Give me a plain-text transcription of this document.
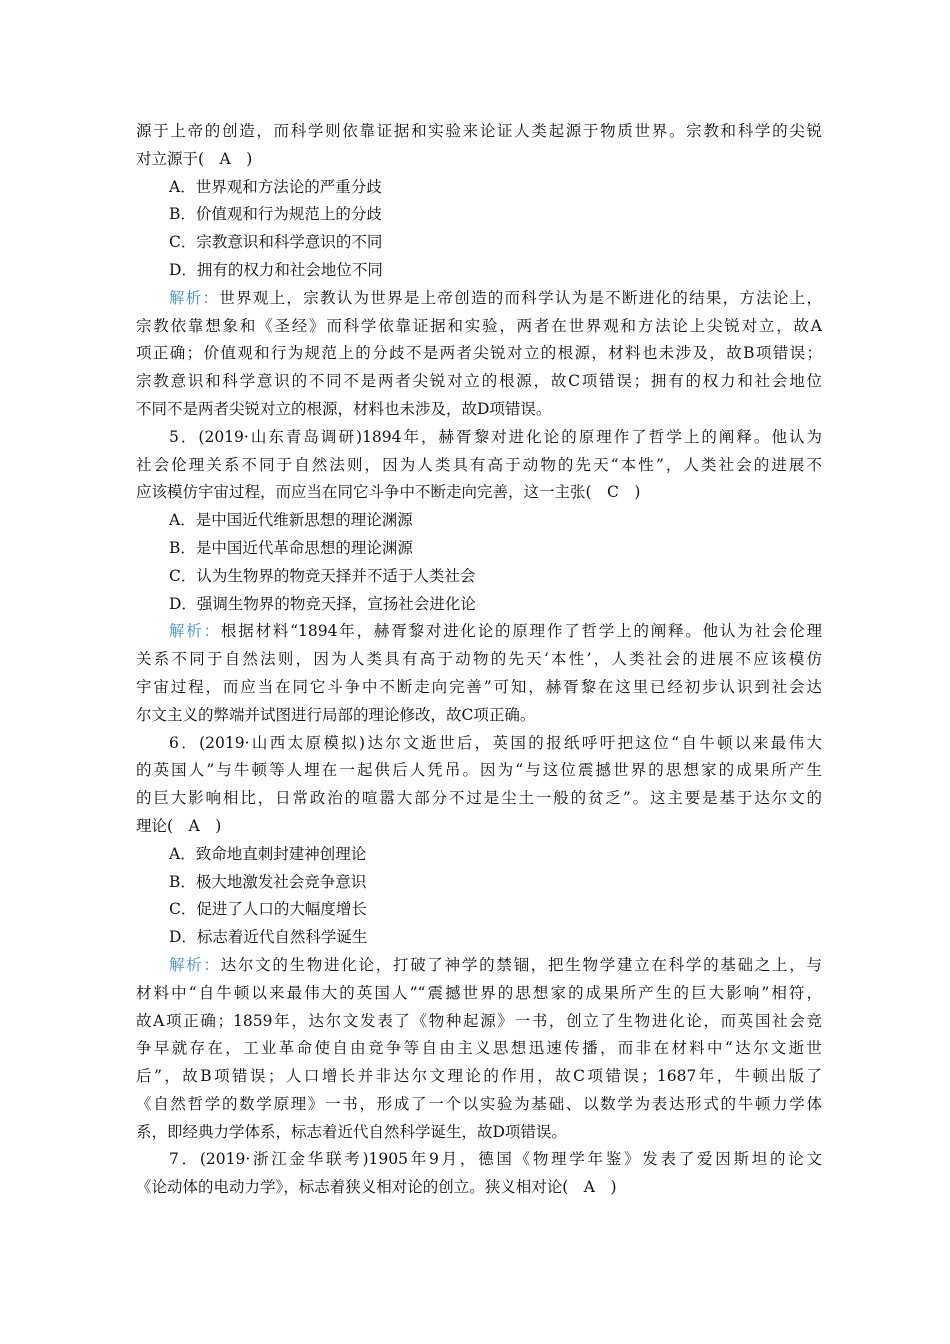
源于上帝的创造，而科学则依靠证据和实验来论证人类起源于物质世界。宗教和科学的尖锐
对立源于(　A　)
A．世界观和方法论的严重分歧
B．价值观和行为规范上的分歧
C．宗教意识和科学意识的不同
D．拥有的权力和社会地位不同
解析：世界观上，宗教认为世界是上帝创造的而科学认为是不断进化的结果，方法论上，
宗教依靠想象和《圣经》而科学依靠证据和实验，两者在世界观和方法论上尖锐对立，故A
项正确；价值观和行为规范上的分歧不是两者尖锐对立的根源，材料也未涉及，故B项错误；
宗教意识和科学意识的不同不是两者尖锐对立的根源，故C项错误；拥有的权力和社会地位
不同不是两者尖锐对立的根源，材料也未涉及，故D项错误。
5．(2019·山东青岛调研)1894年，赫胥黎对进化论的原理作了哲学上的阐释。他认为
社会伦理关系不同于自然法则，因为人类具有高于动物的先天“本性”，人类社会的进展不
应该模仿宇宙过程，而应当在同它斗争中不断走向完善，这一主张(　C　)
A．是中国近代维新思想的理论渊源
B．是中国近代革命思想的理论渊源
C．认为生物界的物竞天择并不适于人类社会
D．强调生物界的物竞天择，宣扬社会进化论
解析：根据材料“1894年，赫胥黎对进化论的原理作了哲学上的阐释。他认为社会伦理
关系不同于自然法则，因为人类具有高于动物的先天‘本性’，人类社会的进展不应该模仿
宇宙过程，而应当在同它斗争中不断走向完善”可知，赫胥黎在这里已经初步认识到社会达
尔文主义的弊端并试图进行局部的理论修改，故C项正确。
6．(2019·山西太原模拟)达尔文逝世后，英国的报纸呼吁把这位“自牛顿以来最伟大
的英国人”与牛顿等人埋在一起供后人凭吊。因为“与这位震撼世界的思想家的成果所产生
的巨大影响相比，日常政治的喧嚣大部分不过是尘土一般的贫乏”。这主要是基于达尔文的
理论(　A　)
A．致命地直刺封建神创理论
B．极大地激发社会竞争意识
C．促进了人口的大幅度增长
D．标志着近代自然科学诞生
解析：达尔文的生物进化论，打破了神学的禁锢，把生物学建立在科学的基础之上，与
材料中“自牛顿以来最伟大的英国人”“震撼世界的思想家的成果所产生的巨大影响”相符，
故A项正确；1859年，达尔文发表了《物种起源》一书，创立了生物进化论，而英国社会竞
争早就存在，工业革命使自由竞争等自由主义思想迅速传播，而非在材料中“达尔文逝世
后”，故B项错误；人口增长并非达尔文理论的作用，故C项错误；1687年，牛顿出版了
《自然哲学的数学原理》一书，形成了一个以实验为基础、以数学为表达形式的牛顿力学体
系，即经典力学体系，标志着近代自然科学诞生，故D项错误。
7．(2019·浙江金华联考)1905年9月，德国《物理学年鉴》发表了爱因斯坦的论文
《论动体的电动力学》，标志着狭义相对论的创立。狭义相对论(　A　)
